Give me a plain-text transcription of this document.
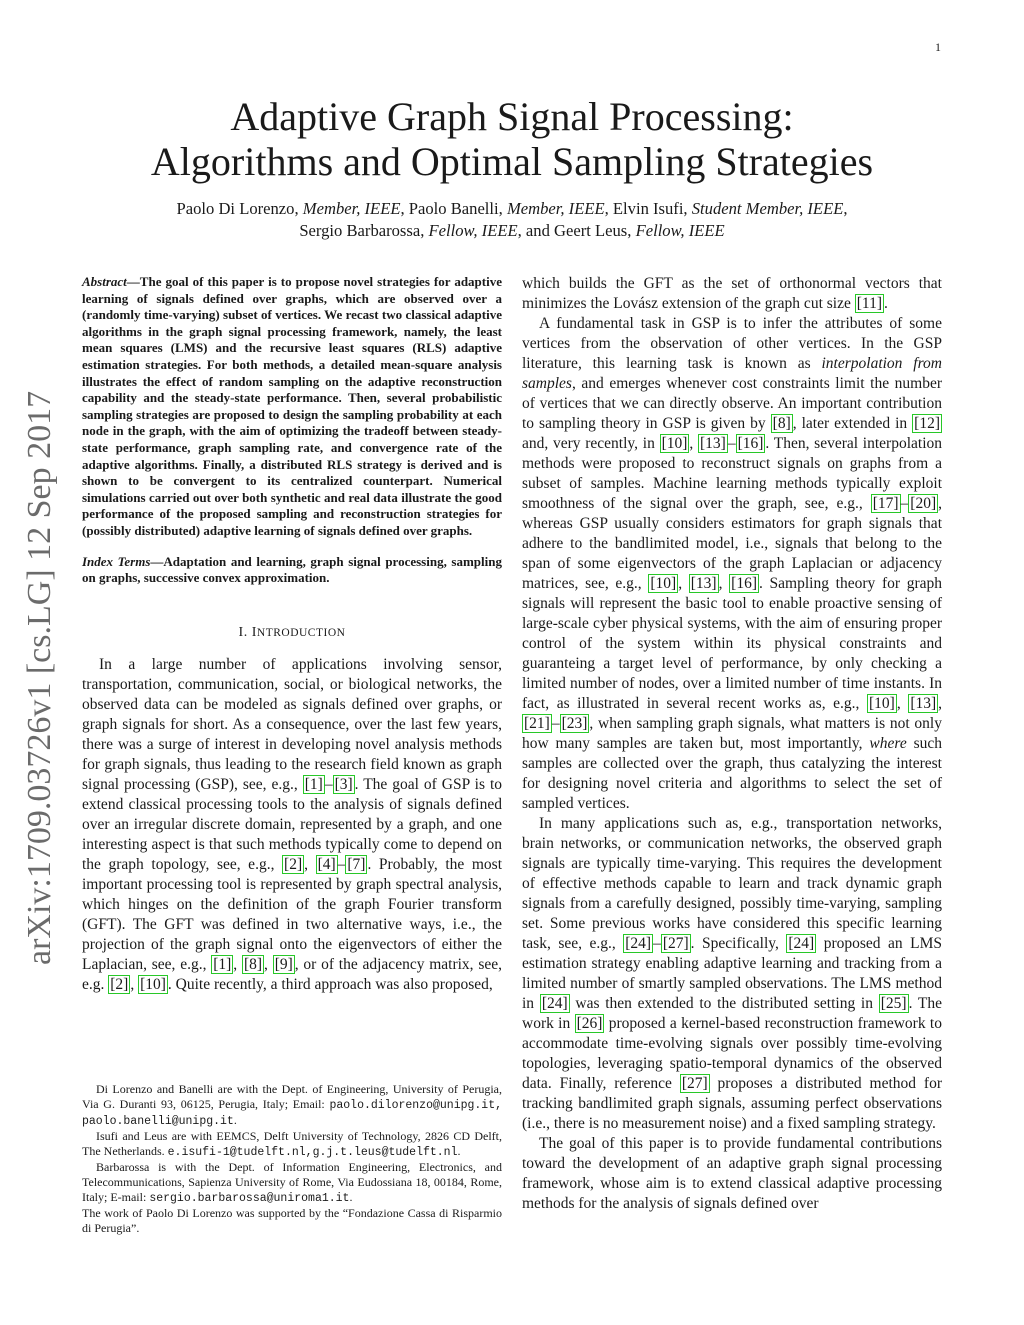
1
arXiv:1709.03726v1 [cs.LG] 12 Sep 2017
Adaptive Graph Signal Processing:
Algorithms and Optimal Sampling Strategies
Paolo Di Lorenzo, Member, IEEE, Paolo Banelli, Member, IEEE, Elvin Isufi, Student Member, IEEE,
Sergio Barbarossa, Fellow, IEEE, and Geert Leus, Fellow, IEEE

Abstract—The goal of this paper is to propose novel strategies for adaptive learning of signals defined over graphs, which are observed over a (randomly time-varying) subset of vertices. We recast two classical adaptive algorithms in the graph signal processing framework, namely, the least mean squares (LMS) and the recursive least squares (RLS) adaptive estimation strategies. For both methods, a detailed mean-square analysis illustrates the effect of random sampling on the adaptive reconstruction capability and the steady-state performance. Then, several probabilistic sampling strategies are proposed to design the sampling probability at each node in the graph, with the aim of optimizing the tradeoff between steady-state performance, graph sampling rate, and convergence rate of the adaptive algorithms. Finally, a distributed RLS strategy is derived and is shown to be convergent to its centralized counterpart. Numerical simulations carried out over both synthetic and real data illustrate the good performance of the proposed sampling and reconstruction strategies for (possibly distributed) adaptive learning of signals defined over graphs.

Index Terms—Adaptation and learning, graph signal processing, sampling on graphs, successive convex approximation.

I. INTRODUCTION

In a large number of applications involving sensor, transportation, communication, social, or biological networks, the observed data can be modeled as signals defined over graphs, or graph signals for short. As a consequence, over the last few years, there was a surge of interest in developing novel analysis methods for graph signals, thus leading to the research field known as graph signal processing (GSP), see, e.g., [1] – [3] . The goal of GSP is to extend classical processing tools to the analysis of signals defined over an irregular discrete domain, represented by a graph, and one interesting aspect is that such methods typically come to depend on the graph topology, see, e.g., [2] , [4] – [7] . Probably, the most important processing tool is represented by graph spectral analysis, which hinges on the definition of the graph Fourier transform (GFT). The GFT was defined in two alternative ways, i.e., the projection of the graph signal onto the eigenvectors of either the Laplacian, see, e.g., [1] , [8] , [9] , or of the adjacency matrix, see, e.g. [2] , [10] . Quite recently, a third approach was also proposed,

Di Lorenzo and Banelli are with the Dept. of Engineering, University of Perugia, Via G. Duranti 93, 06125, Perugia, Italy; Email: paolo.dilorenzo@unipg.it, paolo.banelli@unipg.it.

Isufi and Leus are with EEMCS, Delft University of Technology, 2826 CD Delft, The Netherlands. e.isufi-1@tudelft.nl,g.j.t.leus@tudelft.nl.

Barbarossa is with the Dept. of Information Engineering, Electronics, and Telecommunications, Sapienza University of Rome, Via Eudossiana 18, 00184, Rome, Italy; E-mail: sergio.barbarossa@uniroma1.it.

The work of Paolo Di Lorenzo was supported by the “Fondazione Cassa di Risparmio di Perugia”.

which builds the GFT as the set of orthonormal vectors that minimizes the Lovász extension of the graph cut size [11] .

A fundamental task in GSP is to infer the attributes of some vertices from the observation of other vertices. In the GSP literature, this learning task is known as interpolation from samples, and emerges whenever cost constraints limit the number of vertices that we can directly observe. An important contribution to sampling theory in GSP is given by [8] , later extended in [12] and, very recently, in [10] , [13] – [16] . Then, several interpolation methods were proposed to reconstruct signals on graphs from a subset of samples. Machine learning methods typically exploit smoothness of the signal over the graph, see, e.g., [17] – [20] , whereas GSP usually considers estimators for graph signals that adhere to the bandlimited model, i.e., signals that belong to the span of some eigenvectors of the graph Laplacian or adjacency matrices, see, e.g., [10] , [13] , [16] . Sampling theory for graph signals will represent the basic tool to enable proactive sensing of large-scale cyber physical systems, with the aim of ensuring proper control of the system within its physical constraints and guaranteing a target level of performance, by only checking a limited number of nodes, over a limited number of time instants. In fact, as illustrated in several recent works as, e.g., [10] , [13] , [21] – [23] , when sampling graph signals, what matters is not only how many samples are taken but, most importantly, where such samples are collected over the graph, thus catalyzing the interest for designing novel criteria and algorithms to select the set of sampled vertices.

In many applications such as, e.g., transportation networks, brain networks, or communication networks, the observed graph signals are typically time-varying. This requires the development of effective methods capable to learn and track dynamic graph signals from a carefully designed, possibly time-varying, sampling set. Some previous works have considered this specific learning task, see, e.g., [24] – [27] . Specifically, [24] proposed an LMS estimation strategy enabling adaptive learning and tracking from a limited number of smartly sampled observations. The LMS method in [24] was then extended to the distributed setting in [25] . The work in [26] proposed a kernel-based reconstruction framework to accommodate time-evolving signals over possibly time-evolving topologies, leveraging spatio-temporal dynamics of the observed data. Finally, reference [27] proposes a distributed method for tracking bandlimited graph signals, assuming perfect observations (i.e., there is no measurement noise) and a fixed sampling strategy.

The goal of this paper is to provide fundamental contributions toward the development of an adaptive graph signal processing framework, whose aim is to extend classical adaptive processing methods for the analysis of signals defined over
